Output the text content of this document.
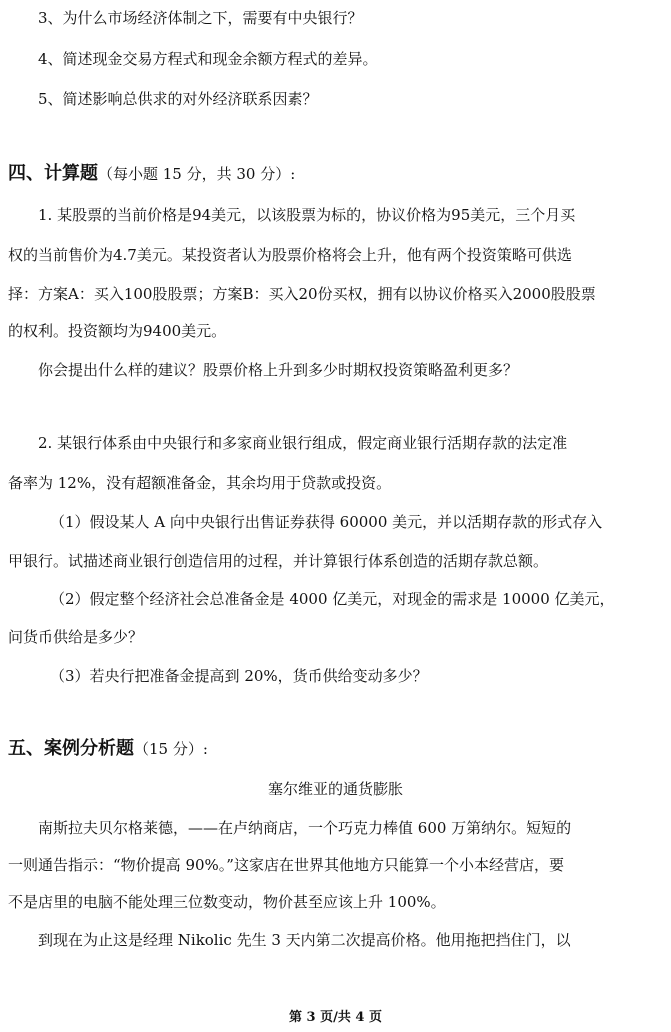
3、为什么市场经济体制之下，需要有中央银行？
4、简述现金交易方程式和现金余额方程式的差异。
5、简述影响总供求的对外经济联系因素？
四、计算题（每小题 15 分，共 30 分）:
1. 某股票的当前价格是94美元，以该股票为标的，协议价格为95美元，三个月买
权的当前售价为4.7美元。某投资者认为股票价格将会上升，他有两个投资策略可供选
择：方案A：买入100股股票；方案B：买入20份买权，拥有以协议价格买入2000股股票
的权利。投资额均为9400美元。
你会提出什么样的建议？股票价格上升到多少时期权投资策略盈利更多？
2. 某银行体系由中央银行和多家商业银行组成，假定商业银行活期存款的法定准
备率为 12%，没有超额准备金，其余均用于贷款或投资。
（1）假设某人 A 向中央银行出售证券获得 60000 美元，并以活期存款的形式存入
甲银行。试描述商业银行创造信用的过程，并计算银行体系创造的活期存款总额。
（2）假定整个经济社会总准备金是 4000 亿美元，对现金的需求是 10000 亿美元，
问货币供给是多少？
（3）若央行把准备金提高到 20%，货币供给变动多少？
五、案例分析题（15 分）:
塞尔维亚的通货膨胀
南斯拉夫贝尔格莱德，——在卢纳商店，一个巧克力棒值 600 万第纳尔。短短的
一则通告指示：“物价提高 90%。”这家店在世界其他地方只能算一个小本经营店，要
不是店里的电脑不能处理三位数变动，物价甚至应该上升 100%。
到现在为止这是经理 Nikolic 先生 3 天内第二次提高价格。他用拖把挡住门，以
第 3 页/共 4 页
